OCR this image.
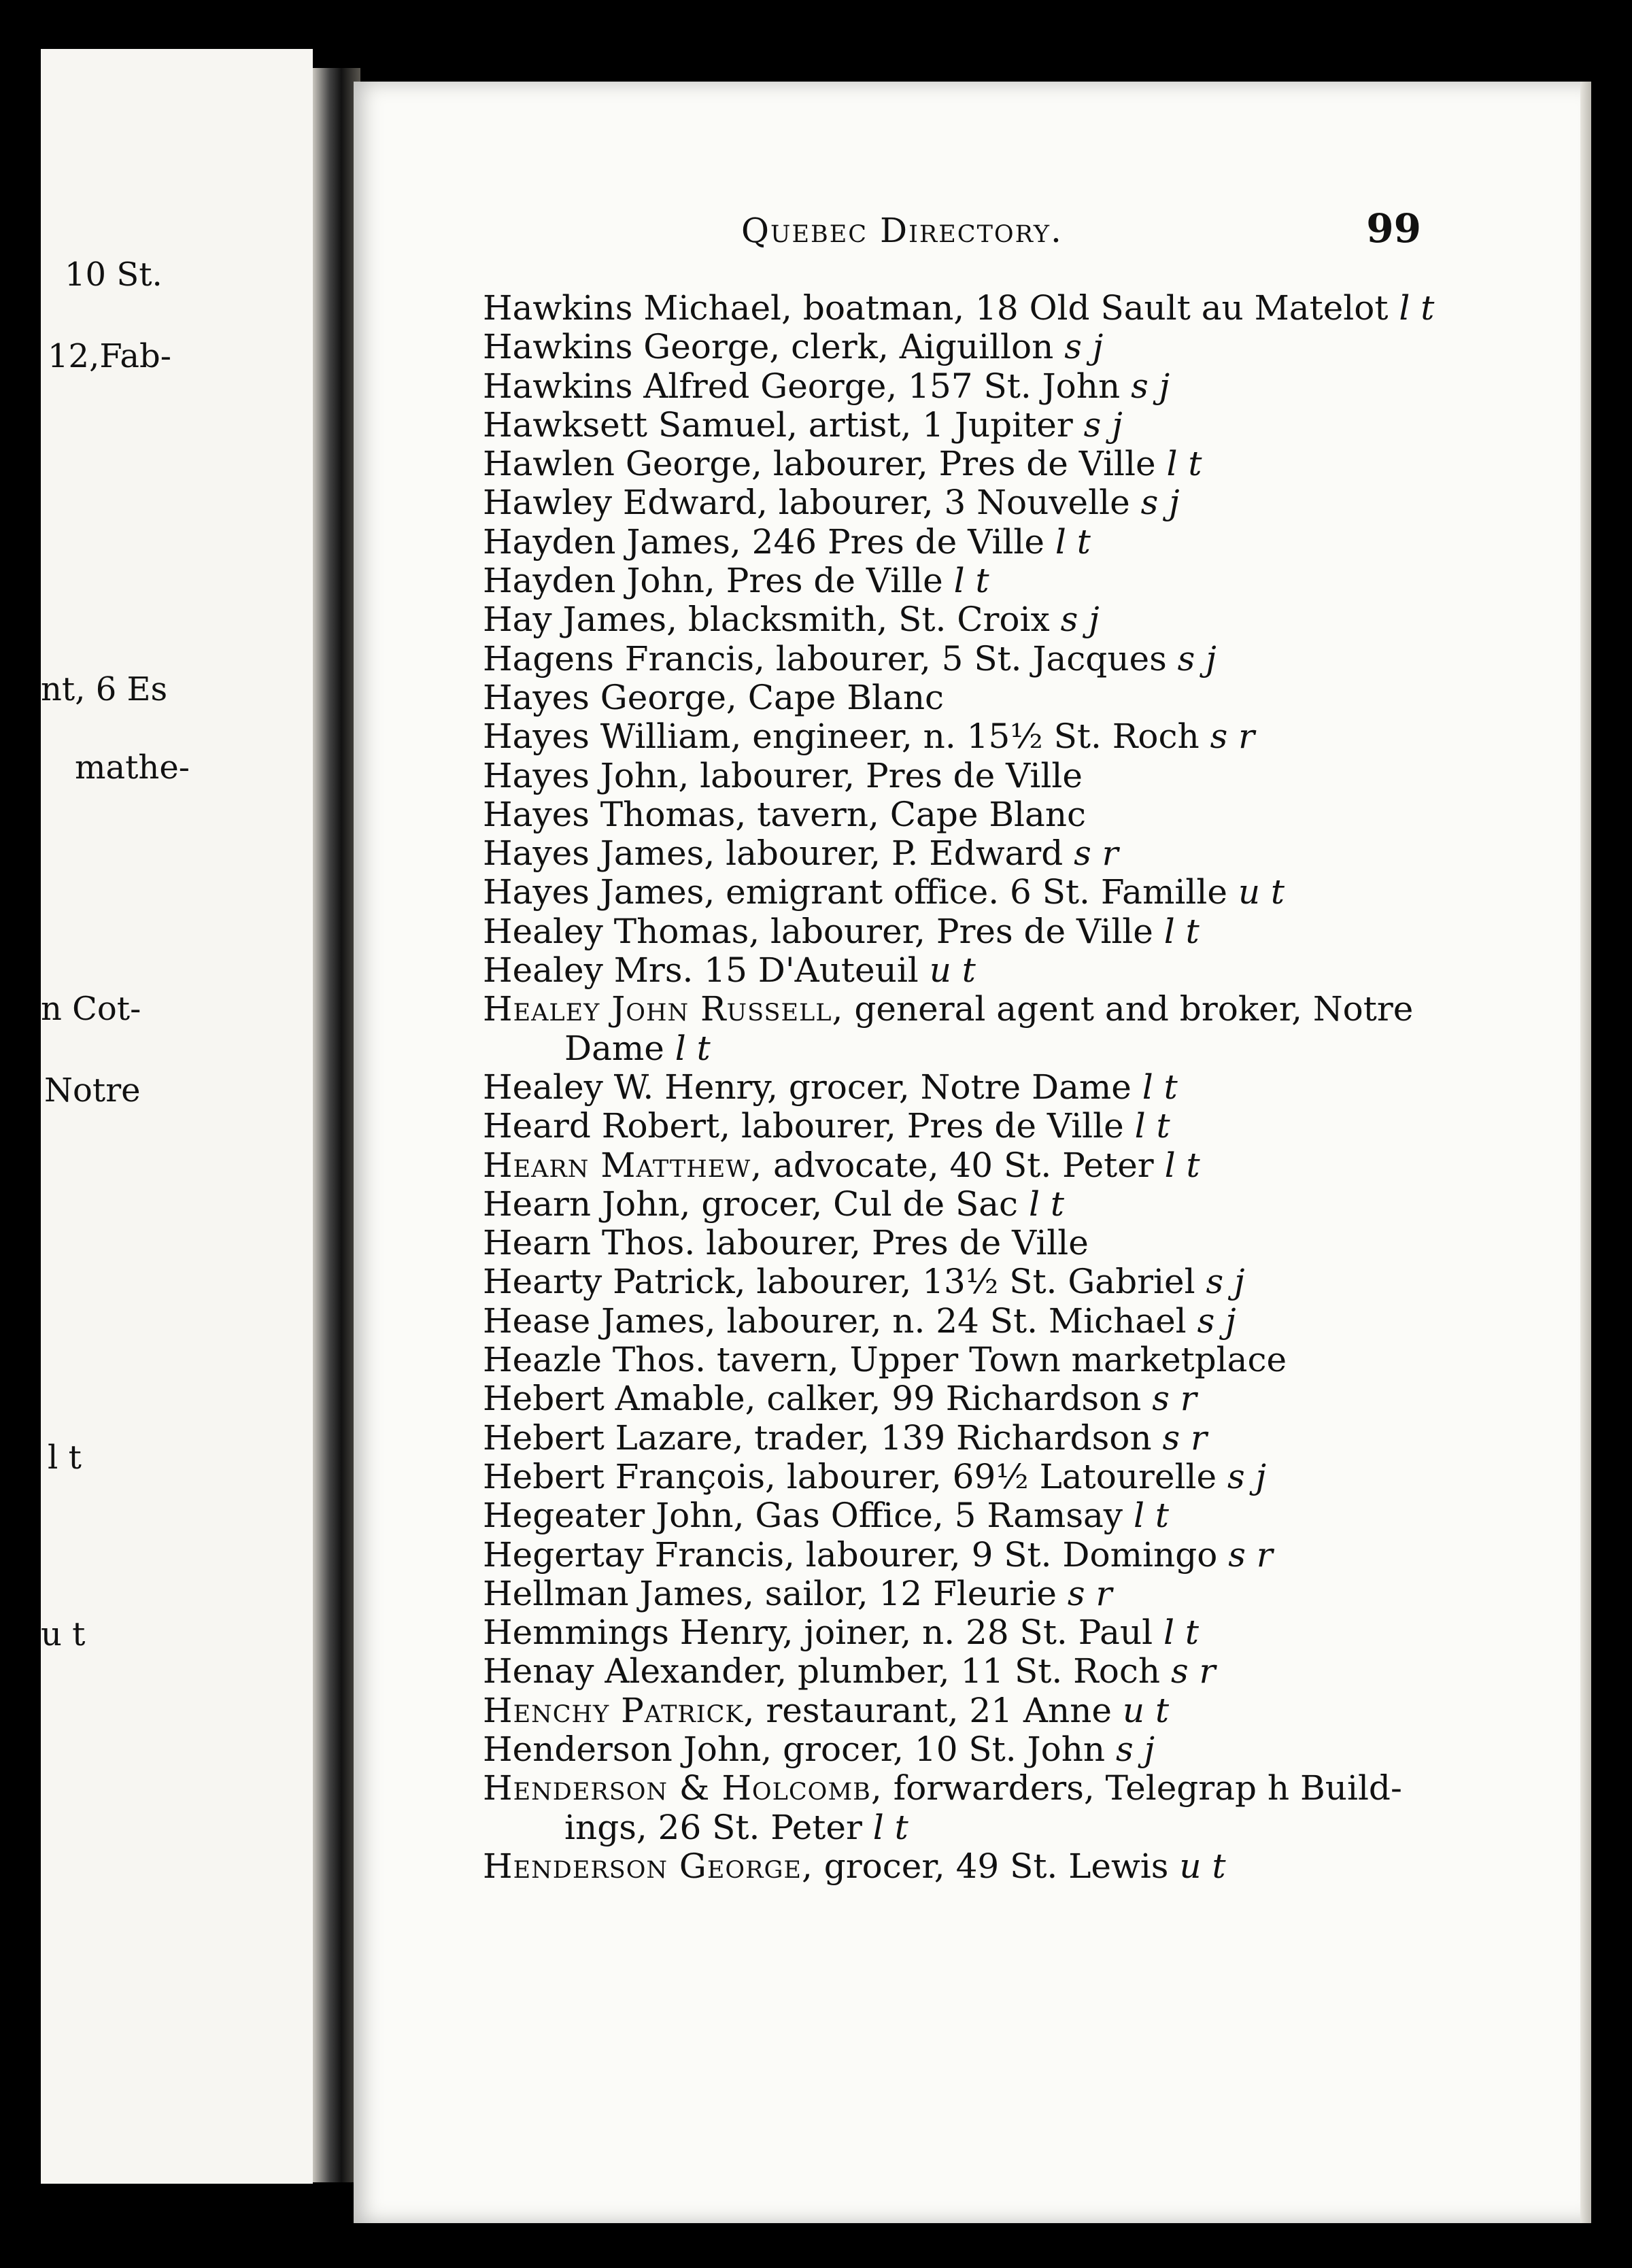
10 St.
12,Fab-
nt, 6 Es
mathe-
n Cot-
Notre
l t
u t
Quebec Directory.	99
Hawkins Michael, boatman, 18 Old Sault au Matelot l t
Hawkins George, clerk, Aiguillon s j
Hawkins Alfred George, 157 St. John s j
Hawksett Samuel, artist, 1 Jupiter s j
Hawlen George, labourer, Pres de Ville l t
Hawley Edward, labourer, 3 Nouvelle s j
Hayden James, 246 Pres de Ville l t
Hayden John, Pres de Ville l t
Hay James, blacksmith, St. Croix s j
Hagens Francis, labourer, 5 St. Jacques s j
Hayes George, Cape Blanc
Hayes William, engineer, n. 15½ St. Roch s r
Hayes John, labourer, Pres de Ville
Hayes Thomas, tavern, Cape Blanc
Hayes James, labourer, P. Edward s r
Hayes James, emigrant office. 6 St. Famille u t
Healey Thomas, labourer, Pres de Ville l t
Healey Mrs. 15 D'Auteuil u t
Healey John Russell, general agent and broker, Notre
Dame l t
Healey W. Henry, grocer, Notre Dame l t
Heard Robert, labourer, Pres de Ville l t
Hearn Matthew, advocate, 40 St. Peter l t
Hearn John, grocer, Cul de Sac l t
Hearn Thos. labourer, Pres de Ville
Hearty Patrick, labourer, 13½ St. Gabriel s j
Hease James, labourer, n. 24 St. Michael s j
Heazle Thos. tavern, Upper Town marketplace
Hebert Amable, calker, 99 Richardson s r
Hebert Lazare, trader, 139 Richardson s r
Hebert François, labourer, 69½ Latourelle s j
Hegeater John, Gas Office, 5 Ramsay l t
Hegertay Francis, labourer, 9 St. Domingo s r
Hellman James, sailor, 12 Fleurie s r
Hemmings Henry, joiner, n. 28 St. Paul l t
Henay Alexander, plumber, 11 St. Roch s r
Henchy Patrick, restaurant, 21 Anne u t
Henderson John, grocer, 10 St. John s j
Henderson & Holcomb, forwarders, Telegrap h Build-
ings, 26 St. Peter l t
Henderson George, grocer, 49 St. Lewis u t
